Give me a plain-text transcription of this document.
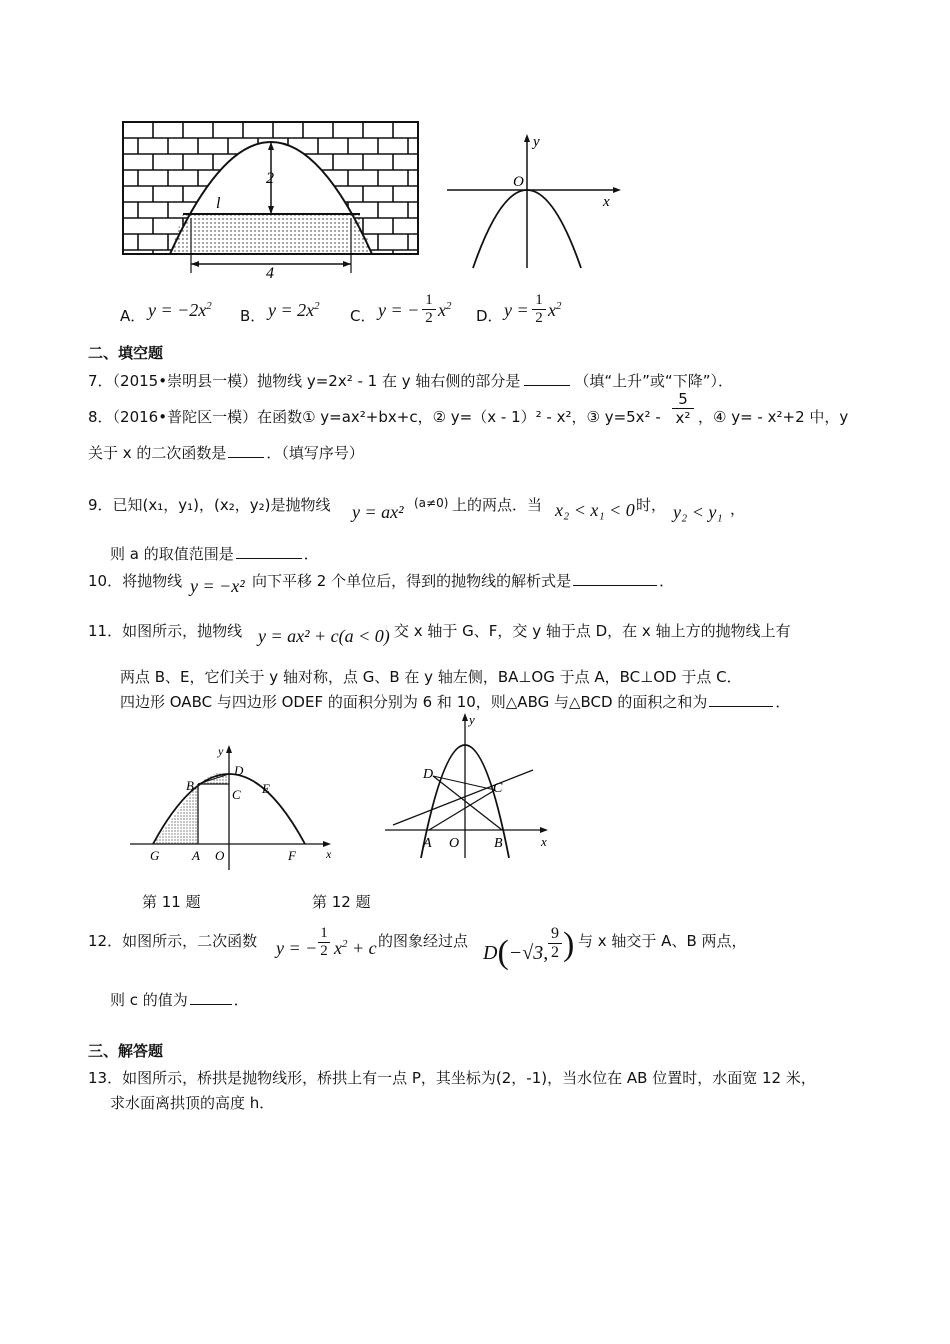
2
l
4
y
O
x
A． $y = -2x^2$
B． $y = 2x^2$
C． y = − 1
2 $x^2$
D． y = 1
2 $x^2$
二、填空题
7．（2015•崇明县一模）抛物线 y=2x² - 1 在 y 轴右侧的部分是	（填“上升”或“下降”）．
8．（2016•普陀区一模）在函数① y=ax²+bx+c，② y=（x - 1）² - x²，③ y=5x² -
5
x² ，④ y= - x²+2 中，y
关于 x 的二次函数是	．（填写序号）
9．已知(x₁，y₁)，(x₂，y₂)是抛物线 y = ax² (a≠0) 上的两点．当 x₂ < x₁ < 0 时， y₂ < y₁ ，
则 a 的取值范围是	．
10．将抛物线 y = −x² 向下平移 2 个单位后，得到的抛物线的解析式是	．
11．如图所示，抛物线 y = ax² + c(a < 0) 交 x 轴于 G、F，交 y 轴于点 D，在 x 轴上方的抛物线上有
两点 B、E，它们关于 y 轴对称，点 G、B 在 y 轴左侧，BA⊥OG 于点 A，BC⊥OD 于点 C．
四边形 OABC 与四边形 ODEF 的面积分别为 6 和 10，则△ABG 与△BCD 的面积之和为	．
y
D
B	E
C
G	A O	F	x
y
D
C
A O B	x
第 11 题	第 12 题
12．如图所示，二次函数 y = −
1
2 $x^2 + c$ 的图象经过点
D(−√3,
9
2 ) 与 x 轴交于 A、B 两点，
则 c 的值为	．
三、解答题
13．如图所示，桥拱是抛物线形，桥拱上有一点 P，其坐标为(2，-1)，当水位在 AB 位置时，水面宽 12 米，
求水面离拱顶的高度 h．
